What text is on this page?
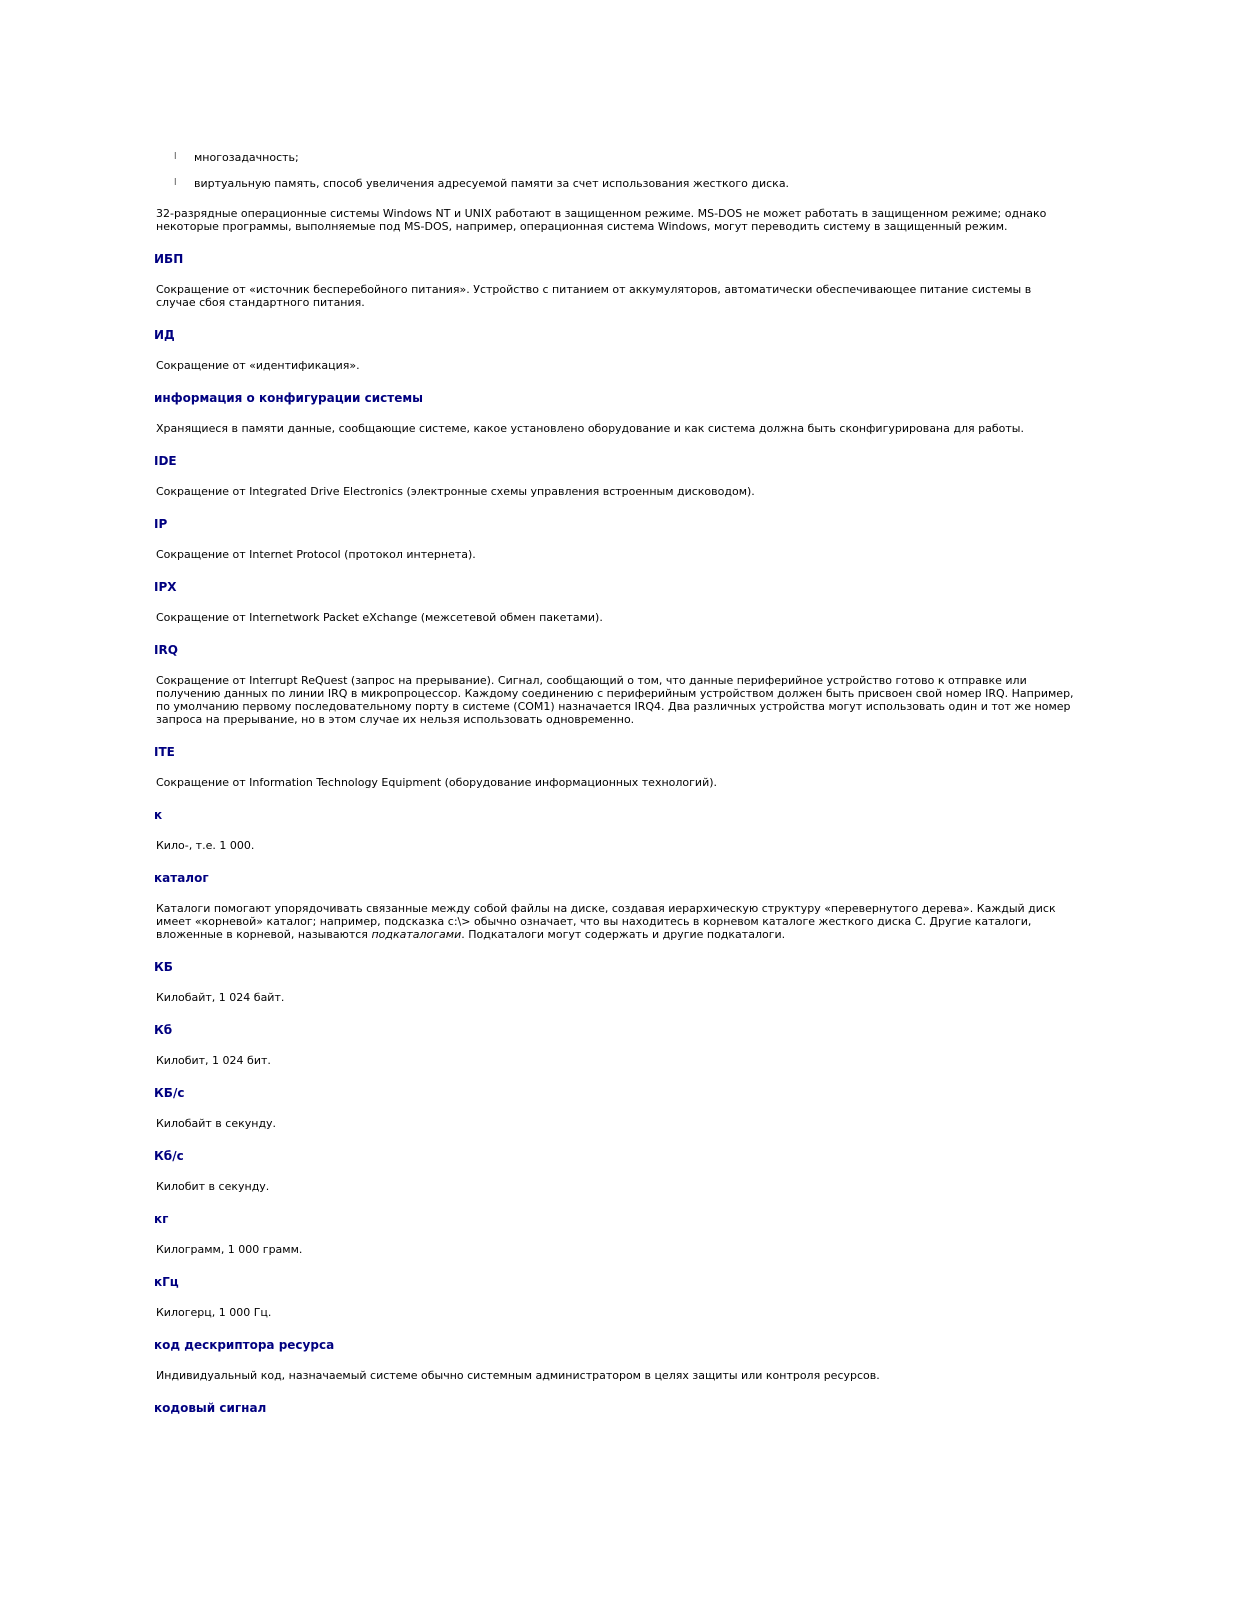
l многозадачность;
l виртуальную память, способ увеличения адресуемой памяти за счет использования жесткого диска.

32-разрядные операционные системы Windows NT и UNIX работают в защищенном режиме. MS-DOS не может работать в защищенном режиме; однако некоторые программы, выполняемые под MS-DOS, например, операционная система Windows, могут переводить систему в защищенный режим.

ИБП

Сокращение от «источник бесперебойного питания». Устройство с питанием от аккумуляторов, автоматически обеспечивающее питание системы в случае сбоя стандартного питания.

ИД

Сокращение от «идентификация».

информация о конфигурации системы

Хранящиеся в памяти данные, сообщающие системе, какое установлено оборудование и как система должна быть сконфигурирована для работы.

IDE

Сокращение от Integrated Drive Electronics (электронные схемы управления встроенным дисководом).

IP

Сокращение от Internet Protocol (протокол интернета).

IPX

Сокращение от Internetwork Packet eXchange (межсетевой обмен пакетами).

IRQ

Сокращение от Interrupt ReQuest (запрос на прерывание). Сигнал, сообщающий о том, что данные периферийное устройство готово к отправке или получению данных по линии IRQ в микропроцессор. Каждому соединению с периферийным устройством должен быть присвоен свой номер IRQ. Например, по умолчанию первому последовательному порту в системе (COM1) назначается IRQ4. Два различных устройства могут использовать один и тот же номер запроса на прерывание, но в этом случае их нельзя использовать одновременно.

ITE

Сокращение от Information Technology Equipment (оборудование информационных технологий).

к

Кило-, т.е. 1 000.

каталог

Каталоги помогают упорядочивать связанные между собой файлы на диске, создавая иерархическую структуру «перевернутого дерева». Каждый диск имеет «корневой» каталог; например, подсказка c:\> обычно означает, что вы находитесь в корневом каталоге жесткого диска C. Другие каталоги, вложенные в корневой, называются подкаталогами. Подкаталоги могут содержать и другие подкаталоги.

КБ

Килобайт, 1 024 байт.

Кб

Килобит, 1 024 бит.

КБ/с

Килобайт в секунду.

Кб/с

Килобит в секунду.

кг

Килограмм, 1 000 грамм.

кГц

Килогерц, 1 000 Гц.

код дескриптора ресурса

Индивидуальный код, назначаемый системе обычно системным администратором в целях защиты или контроля ресурсов.

кодовый сигнал
